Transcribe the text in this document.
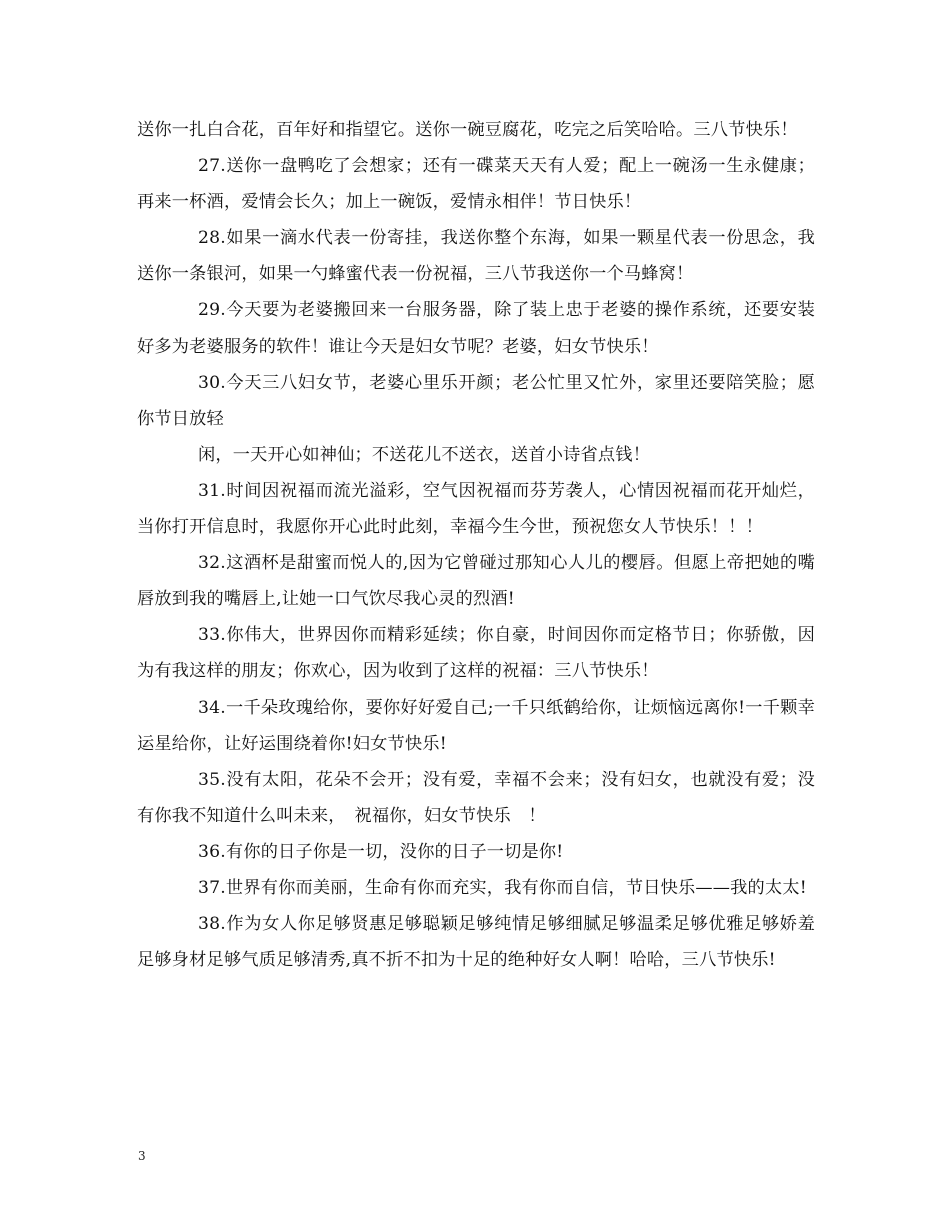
送你一扎白合花，百年好和指望它。送你一碗豆腐花，吃完之后笑哈哈。三八节快乐！

27.送你一盘鸭吃了会想家；还有一碟菜天天有人爱；配上一碗汤一生永健康；再来一杯酒，爱情会长久；加上一碗饭，爱情永相伴！节日快乐！

28.如果一滴水代表一份寄挂，我送你整个东海，如果一颗星代表一份思念，我送你一条银河，如果一勺蜂蜜代表一份祝福，三八节我送你一个马蜂窝！

29.今天要为老婆搬回来一台服务器，除了装上忠于老婆的操作系统，还要安装好多为老婆服务的软件！谁让今天是妇女节呢？老婆，妇女节快乐！

30.今天三八妇女节，老婆心里乐开颜；老公忙里又忙外，家里还要陪笑脸；愿你节日放轻

闲，一天开心如神仙；不送花儿不送衣，送首小诗省点钱！

31.时间因祝福而流光溢彩，空气因祝福而芬芳袭人，心情因祝福而花开灿烂，当你打开信息时，我愿你开心此时此刻，幸福今生今世，预祝您女人节快乐！！！

32.这酒杯是甜蜜而悦人的,因为它曾碰过那知心人儿的樱唇。但愿上帝把她的嘴唇放到我的嘴唇上,让她一口气饮尽我心灵的烈酒!

33.你伟大，世界因你而精彩延续；你自豪，时间因你而定格节日；你骄傲，因为有我这样的朋友；你欢心，因为收到了这样的祝福：三八节快乐！

34.一千朵玫瑰给你，要你好好爱自己;一千只纸鹤给你，让烦恼远离你!一千颗幸运星给你，让好运围绕着你!妇女节快乐!

35.没有太阳，花朵不会开；没有爱，幸福不会来；没有妇女，也就没有爱；没有你我不知道什么叫未来，　祝福你，妇女节快乐　！

36.有你的日子你是一切，没你的日子一切是你!

37.世界有你而美丽，生命有你而充实，我有你而自信，节日快乐——我的太太!

38.作为女人你足够贤惠足够聪颖足够纯情足够细腻足够温柔足够优雅足够娇羞足够身材足够气质足够清秀,真不折不扣为十足的绝种好女人啊！哈哈，三八节快乐!

3
